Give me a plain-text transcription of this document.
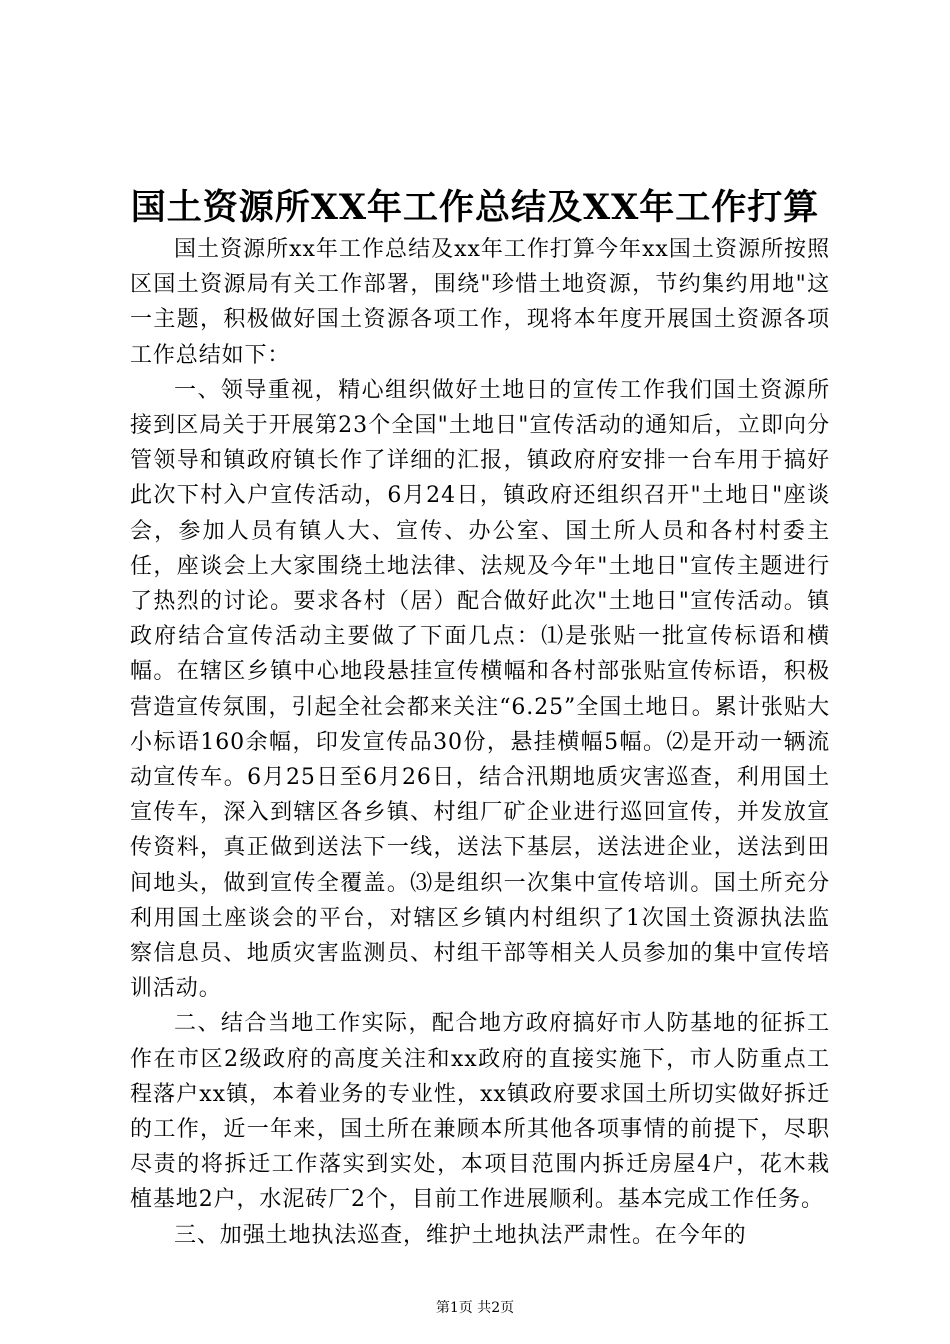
国土资源所XX年工作总结及XX年工作打算

国土资源所xx年工作总结及xx年工作打算今年xx国土资源所按照区国土资源局有关工作部署，围绕"珍惜土地资源，节约集约用地"这一主题，积极做好国土资源各项工作，现将本年度开展国土资源各项工作总结如下：

一、领导重视，精心组织做好土地日的宣传工作我们国土资源所接到区局关于开展第23个全国"土地日"宣传活动的通知后，立即向分管领导和镇政府镇长作了详细的汇报，镇政府府安排一台车用于搞好此次下村入户宣传活动，6月24日，镇政府还组织召开"土地日"座谈会，参加人员有镇人大、宣传、办公室、国土所人员和各村村委主任，座谈会上大家围绕土地法律、法规及今年"土地日"宣传主题进行了热烈的讨论。要求各村（居）配合做好此次"土地日"宣传活动。镇政府结合宣传活动主要做了下面几点：⑴是张贴一批宣传标语和横幅。在辖区乡镇中心地段悬挂宣传横幅和各村部张贴宣传标语，积极营造宣传氛围，引起全社会都来关注“6.25”全国土地日。累计张贴大小标语160余幅，印发宣传品30份，悬挂横幅5幅。⑵是开动一辆流动宣传车。6月25日至6月26日，结合汛期地质灾害巡查，利用国土宣传车，深入到辖区各乡镇、村组厂矿企业进行巡回宣传，并发放宣传资料，真正做到送法下一线，送法下基层，送法进企业，送法到田间地头，做到宣传全覆盖。⑶是组织一次集中宣传培训。国土所充分利用国土座谈会的平台，对辖区乡镇内村组织了1次国土资源执法监察信息员、地质灾害监测员、村组干部等相关人员参加的集中宣传培训活动。

二、结合当地工作实际，配合地方政府搞好市人防基地的征拆工作在市区2级政府的高度关注和xx政府的直接实施下，市人防重点工程落户xx镇，本着业务的专业性，xx镇政府要求国土所切实做好拆迁的工作，近一年来，国土所在兼顾本所其他各项事情的前提下，尽职尽责的将拆迁工作落实到实处，本项目范围内拆迁房屋4户，花木栽植基地2户，水泥砖厂2个，目前工作进展顺利。基本完成工作任务。

三、加强土地执法巡查，维护土地执法严肃性。在今年的

第1页 共2页
